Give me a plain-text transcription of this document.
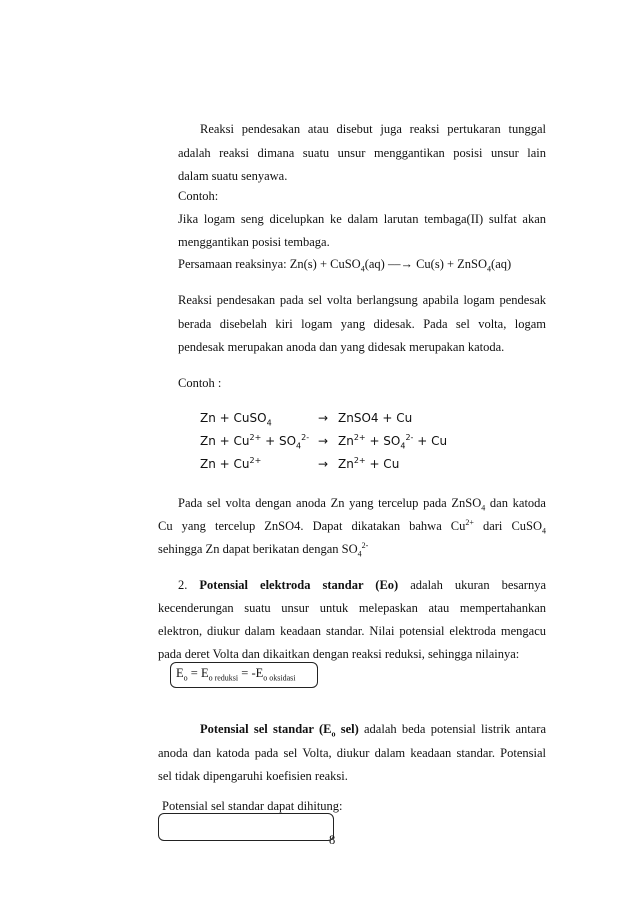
Reaksi pendesakan atau disebut juga reaksi pertukaran tunggal
adalah reaksi dimana suatu unsur menggantikan posisi unsur lain
dalam suatu senyawa.
Contoh:
Jika logam seng dicelupkan ke dalam larutan tembaga(II) sulfat akan
menggantikan posisi tembaga.
Persamaan reaksinya: Zn(s) + CuSO$_4$(aq) ––→ Cu(s) + ZnSO$_4$(aq)
Reaksi pendesakan pada sel volta berlangsung apabila logam pendesak
berada disebelah kiri logam yang didesak. Pada sel volta, logam
pendesak merupakan anoda dan yang didesak merupakan katoda.
Contoh :
Zn + CuSO$_4$	→ ZnSO4 + Cu
$Zn + Cu^{2+} + SO_4^{2-} \to Zn^{2+} + SO_4^{2-} + Cu$
$Zn + Cu^{2+}$	→ $Zn^{2+} + Cu$
Pada sel volta dengan anoda Zn yang tercelup pada ZnSO$_4$ dan katoda
Cu yang tercelup ZnSO4. Dapat dikatakan bahwa $Cu^{2+}$ dari CuSO$_4$
sehingga Zn dapat berikatan dengan $SO_4^{2-}$
2. Potensial elektroda standar (Eo) adalah ukuran besarnya
kecenderungan suatu unsur untuk melepaskan atau mempertahankan
elektron, diukur dalam keadaan standar. Nilai potensial elektroda mengacu
pada deret Volta dan dikaitkan dengan reaksi reduksi, sehingga nilainya:
$E_o = E_{o reduksi} = -E_{o oksidasi}$
Potensial sel standar ($E_o$ sel) adalah beda potensial listrik antara
anoda dan katoda pada sel Volta, diukur dalam keadaan standar. Potensial
sel tidak dipengaruhi koefisien reaksi.
Potensial sel standar dapat dihitung:
8
